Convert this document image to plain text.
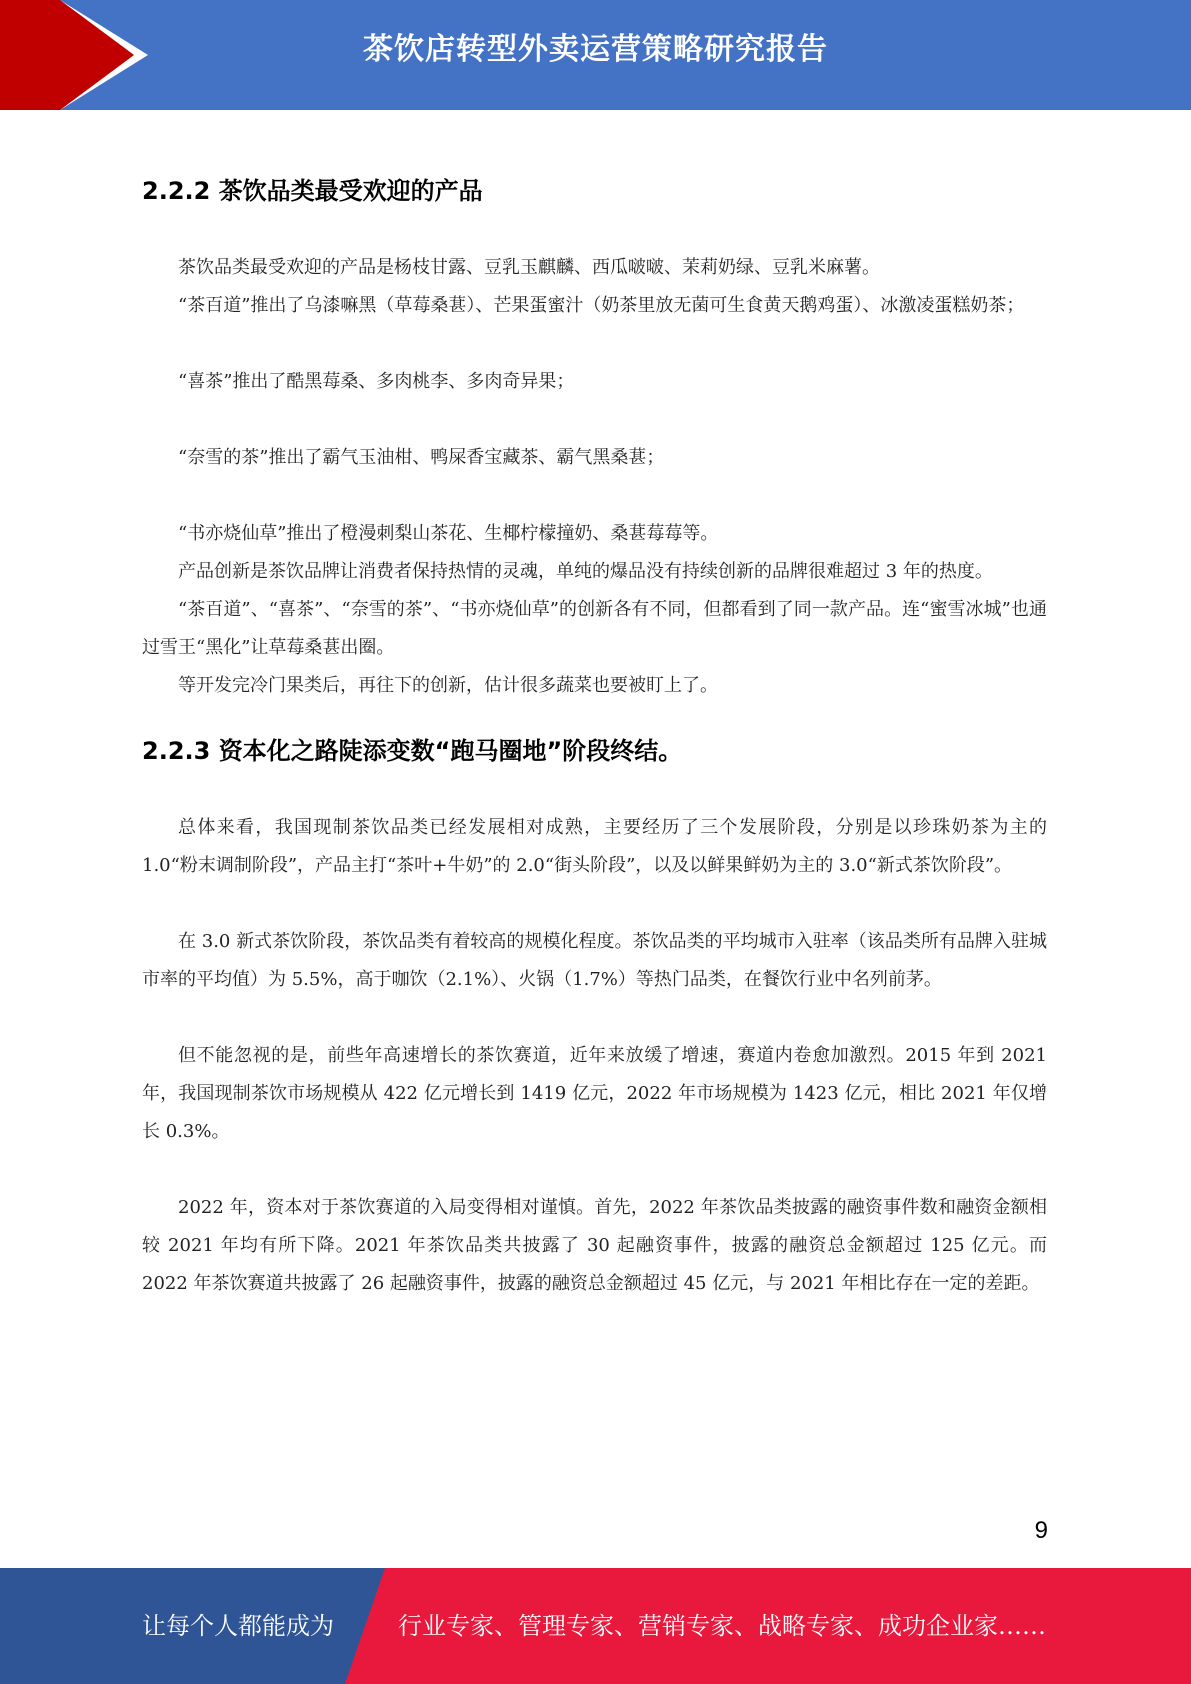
茶饮店转型外卖运营策略研究报告
2.2.2 茶饮品类最受欢迎的产品

茶饮品类最受欢迎的产品是杨枝甘露、豆乳玉麒麟、西瓜啵啵、茉莉奶绿、豆乳米麻薯。

“茶百道”推出了乌漆嘛黑（草莓桑葚）、芒果蛋蜜汁（奶茶里放无菌可生食黄天鹅鸡蛋）、冰激凌蛋糕奶茶；

“喜茶”推出了酷黑莓桑、多肉桃李、多肉奇异果；

“奈雪的茶”推出了霸气玉油柑、鸭屎香宝藏茶、霸气黑桑葚；

“书亦烧仙草”推出了橙漫刺梨山茶花、生椰柠檬撞奶、桑葚莓莓等。

产品创新是茶饮品牌让消费者保持热情的灵魂，单纯的爆品没有持续创新的品牌很难超过 3 年的热度。

“茶百道”、“喜茶”、“奈雪的茶”、“书亦烧仙草”的创新各有不同，但都看到了同一款产品。连“蜜雪冰城”也通过雪王“黑化”让草莓桑葚出圈。

等开发完冷门果类后，再往下的创新，估计很多蔬菜也要被盯上了。

2.2.3 资本化之路陡添变数“跑马圈地”阶段终结。

总体来看，我国现制茶饮品类已经发展相对成熟，主要经历了三个发展阶段，分别是以珍珠奶茶为主的 1.0“粉末调制阶段”，产品主打“茶叶+牛奶”的 2.0“街头阶段”，以及以鲜果鲜奶为主的 3.0“新式茶饮阶段”。

在 3.0 新式茶饮阶段，茶饮品类有着较高的规模化程度。茶饮品类的平均城市入驻率（该品类所有品牌入驻城市率的平均值）为 5.5%，高于咖饮（2.1%）、火锅（1.7%）等热门品类，在餐饮行业中名列前茅。

但不能忽视的是，前些年高速增长的茶饮赛道，近年来放缓了增速，赛道内卷愈加激烈。2015 年到 2021 年，我国现制茶饮市场规模从 422 亿元增长到 1419 亿元，2022 年市场规模为 1423 亿元，相比 2021 年仅增长 0.3%。

2022 年，资本对于茶饮赛道的入局变得相对谨慎。首先，2022 年茶饮品类披露的融资事件数和融资金额相较 2021 年均有所下降。2021 年茶饮品类共披露了 30 起融资事件，披露的融资总金额超过 125 亿元。而 2022 年茶饮赛道共披露了 26 起融资事件，披露的融资总金额超过 45 亿元，与 2021 年相比存在一定的差距。

9
让每个人都能成为	行业专家、管理专家、营销专家、战略专家、成功企业家……
